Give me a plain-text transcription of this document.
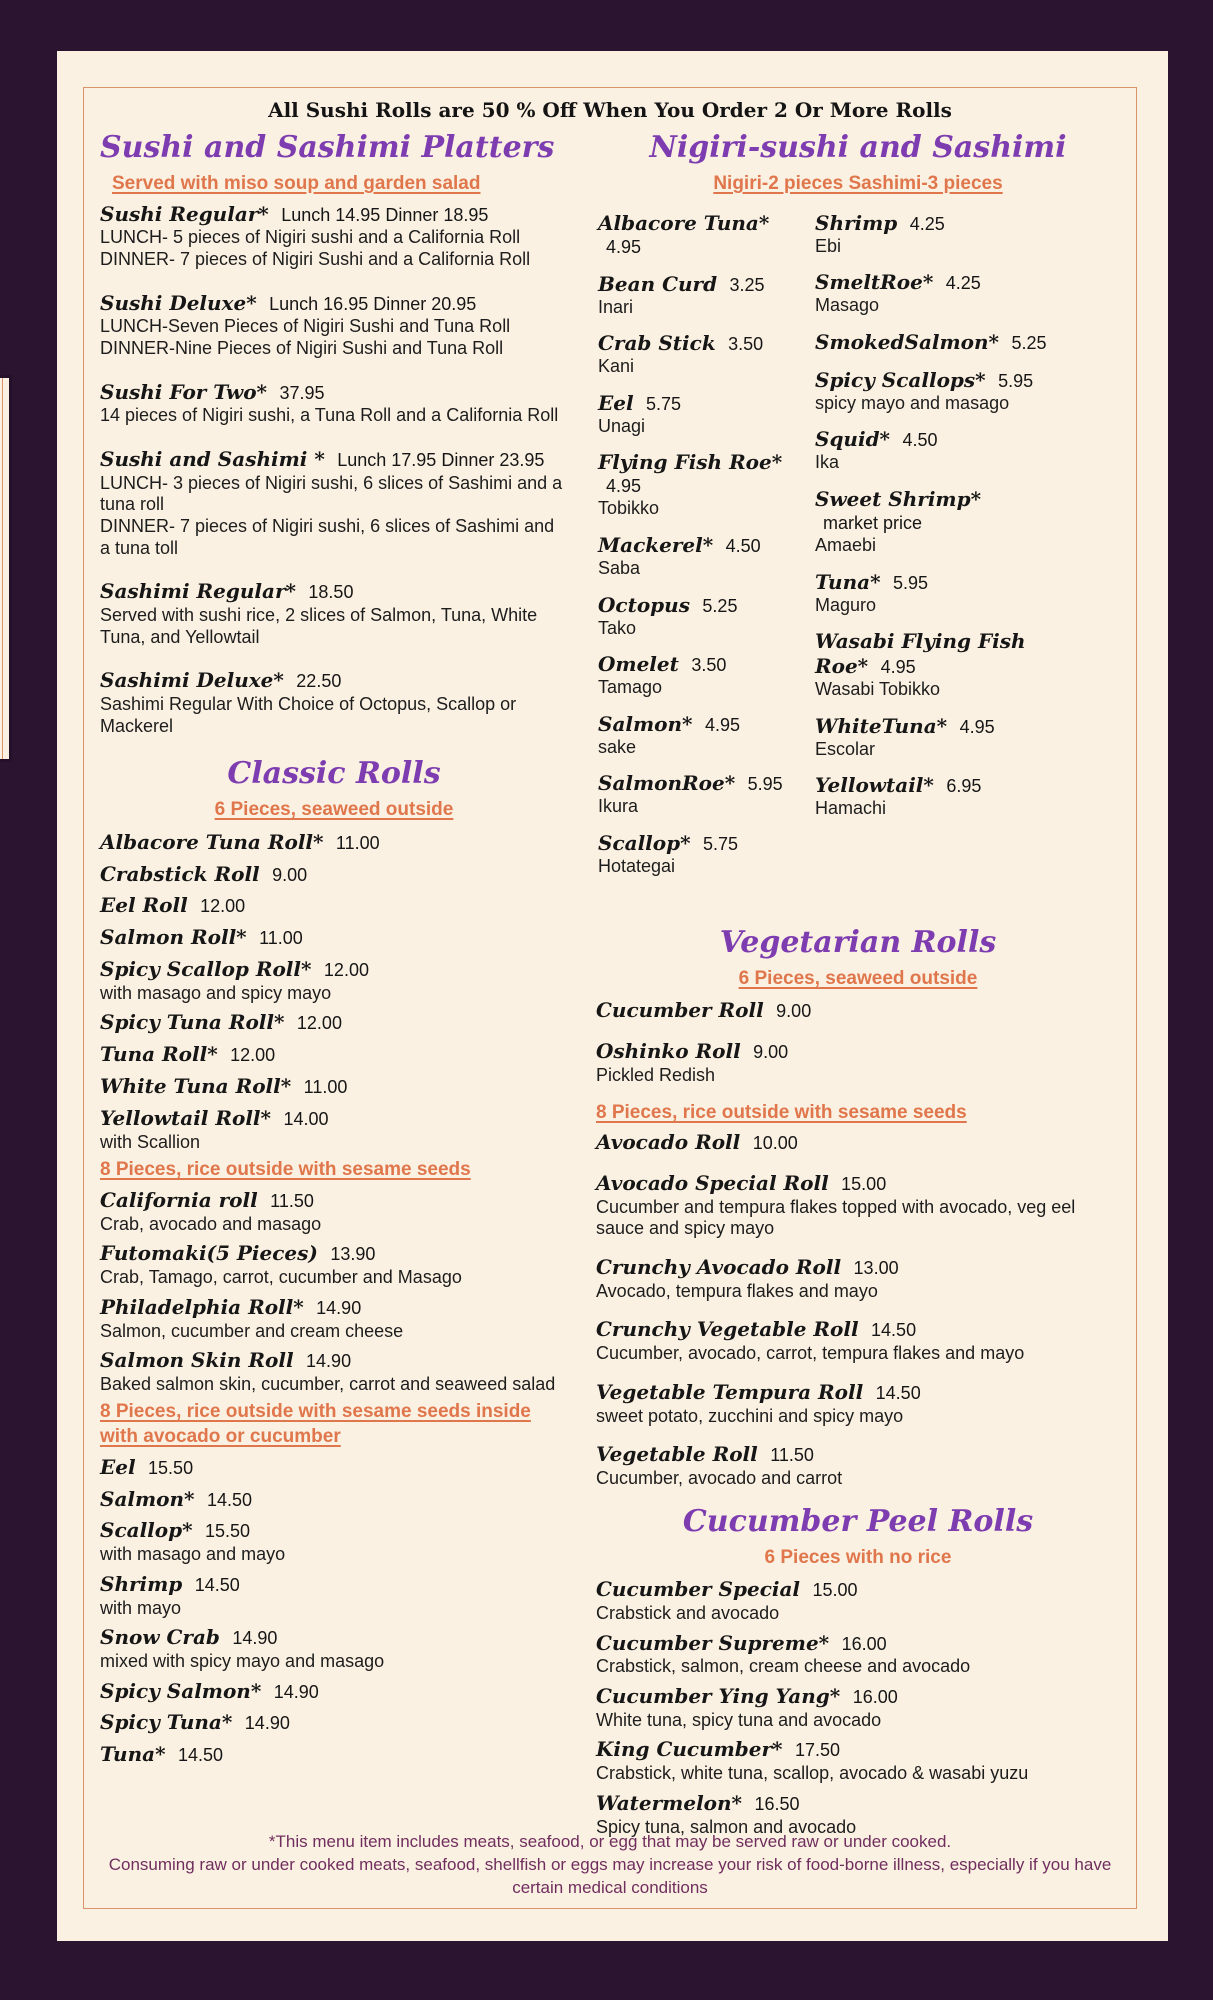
All Sushi Rolls are 50 % Off When You Order 2 Or More Rolls
Sushi and Sashimi Platters
Served with miso soup and garden salad
Sushi Regular* Lunch 14.95 Dinner 18.95
LUNCH- 5 pieces of Nigiri sushi and a California Roll
DINNER- 7 pieces of Nigiri Sushi and a California Roll
Sushi Deluxe* Lunch 16.95 Dinner 20.95
LUNCH-Seven Pieces of Nigiri Sushi and Tuna Roll
DINNER-Nine Pieces of Nigiri Sushi and Tuna Roll
Sushi For Two* 37.95
14 pieces of Nigiri sushi, a Tuna Roll and a California Roll
Sushi and Sashimi * Lunch 17.95 Dinner 23.95
LUNCH- 3 pieces of Nigiri sushi, 6 slices of Sashimi and a tuna roll
DINNER- 7 pieces of Nigiri sushi, 6 slices of Sashimi and a tuna toll
Sashimi Regular* 18.50
Served with sushi rice, 2 slices of Salmon, Tuna, White Tuna, and Yellowtail
Sashimi Deluxe* 22.50
Sashimi Regular With Choice of Octopus, Scallop or Mackerel
Classic Rolls
6 Pieces, seaweed outside
Albacore Tuna Roll* 11.00
Crabstick Roll 9.00
Eel Roll 12.00
Salmon Roll* 11.00
Spicy Scallop Roll* 12.00
with masago and spicy mayo
Spicy Tuna Roll* 12.00
Tuna Roll* 12.00
White Tuna Roll* 11.00
Yellowtail Roll* 14.00
with Scallion
8 Pieces, rice outside with sesame seeds
California roll 11.50
Crab, avocado and masago
Futomaki(5 Pieces) 13.90
Crab, Tamago, carrot, cucumber and Masago
Philadelphia Roll* 14.90
Salmon, cucumber and cream cheese
Salmon Skin Roll 14.90
Baked salmon skin, cucumber, carrot and seaweed salad
8 Pieces, rice outside with sesame seeds inside with avocado or cucumber
Eel 15.50
Salmon* 14.50
Scallop* 15.50
with masago and mayo
Shrimp 14.50
with mayo
Snow Crab 14.90
mixed with spicy mayo and masago
Spicy Salmon* 14.90
Spicy Tuna* 14.90
Tuna* 14.50
Nigiri-sushi and Sashimi
Nigiri-2 pieces Sashimi-3 pieces
Albacore Tuna* 4.95
Bean Curd 3.25
Inari
Crab Stick 3.50
Kani
Eel 5.75
Unagi
Flying Fish Roe* 4.95
Tobikko
Mackerel* 4.50
Saba
Octopus 5.25
Tako
Omelet 3.50
Tamago
Salmon* 4.95
sake
SalmonRoe* 5.95
Ikura
Scallop* 5.75
Hotategai
Shrimp 4.25
Ebi
SmeltRoe* 4.25
Masago
SmokedSalmon* 5.25
Spicy Scallops* 5.95
spicy mayo and masago
Squid* 4.50
Ika
Sweet Shrimp* market price
Amaebi
Tuna* 5.95
Maguro
Wasabi Flying Fish Roe* 4.95
Wasabi Tobikko
WhiteTuna* 4.95
Escolar
Yellowtail* 6.95
Hamachi
Vegetarian Rolls
6 Pieces, seaweed outside
Cucumber Roll 9.00
Oshinko Roll 9.00
Pickled Redish
8 Pieces, rice outside with sesame seeds
Avocado Roll 10.00
Avocado Special Roll 15.00
Cucumber and tempura flakes topped with avocado, veg eel sauce and spicy mayo
Crunchy Avocado Roll 13.00
Avocado, tempura flakes and mayo
Crunchy Vegetable Roll 14.50
Cucumber, avocado, carrot, tempura flakes and mayo
Vegetable Tempura Roll 14.50
sweet potato, zucchini and spicy mayo
Vegetable Roll 11.50
Cucumber, avocado and carrot
Cucumber Peel Rolls
6 Pieces with no rice
Cucumber Special 15.00
Crabstick and avocado
Cucumber Supreme* 16.00
Crabstick, salmon, cream cheese and avocado
Cucumber Ying Yang* 16.00
White tuna, spicy tuna and avocado
King Cucumber* 17.50
Crabstick, white tuna, scallop, avocado & wasabi yuzu
Watermelon* 16.50
Spicy tuna, salmon and avocado
*This menu item includes meats, seafood, or egg that may be served raw or under cooked.
Consuming raw or under cooked meats, seafood, shellfish or eggs may increase your risk of food-borne illness, especially if you have certain medical conditions
